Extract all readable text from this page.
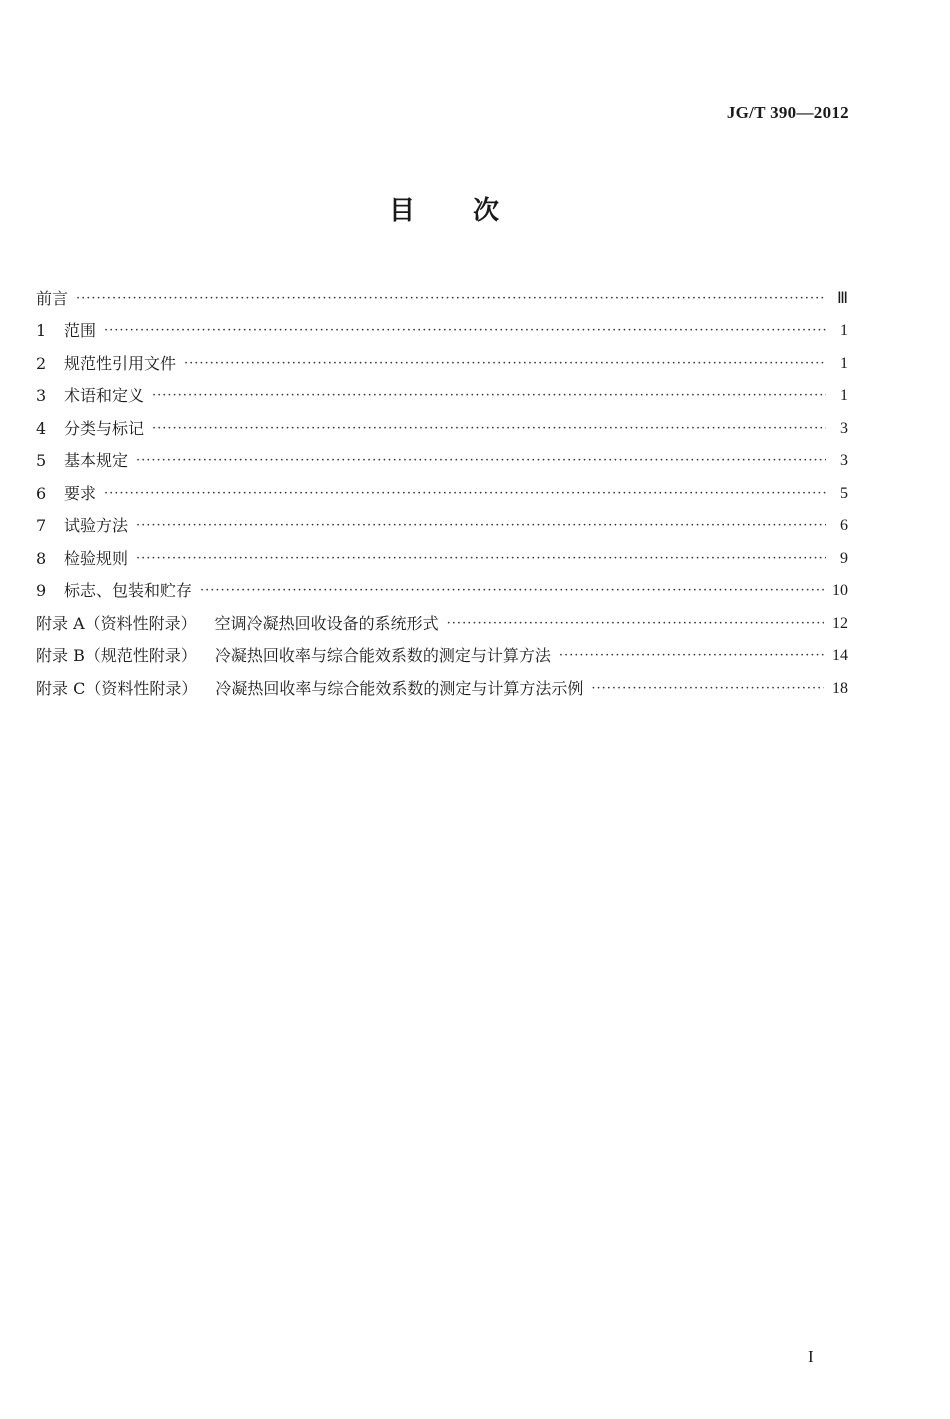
JG/T 390—2012
目 次
前言 ·····	Ⅲ
1	范围 ·····	1
2	规范性引用文件 ·····	1
3	术语和定义 ·····	1
4	分类与标记 ·····	3
5	基本规定 ·····	3
6	要求 ·····	5
7	试验方法 ·····	6
8	检验规则 ·····	9
9	标志、包装和贮存 ·····	10
附录 A（资料性附录） 空调冷凝热回收设备的系统形式 ·····	12
附录 B（规范性附录） 冷凝热回收率与综合能效系数的测定与计算方法 ·····	14
附录 C（资料性附录） 冷凝热回收率与综合能效系数的测定与计算方法示例 ·····	18
I
